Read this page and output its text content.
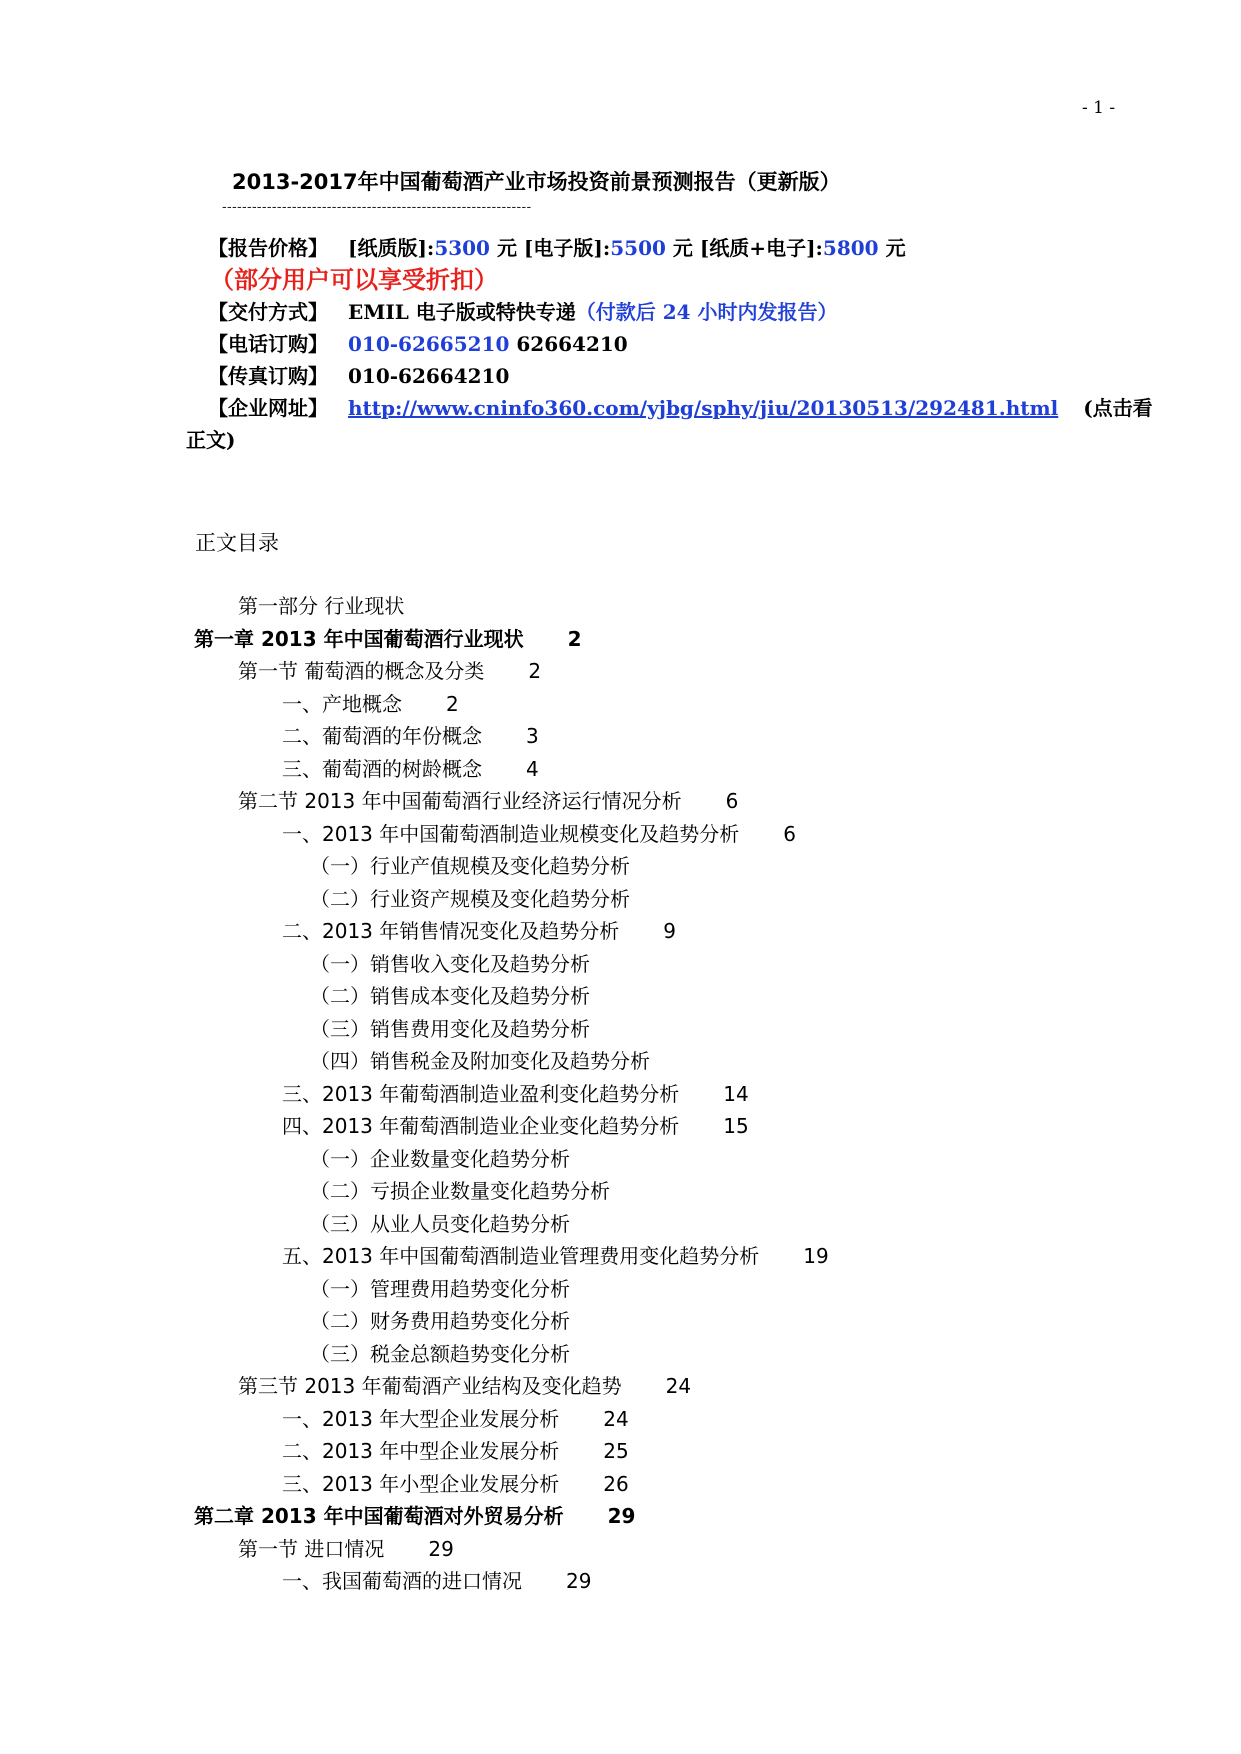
- 1 -
2013-2017年中国葡萄酒产业市场投资前景预测报告（更新版）
--------------------------------------------------------------
【报告价格】 [纸质版]:5300 元 [电子版]:5500 元 [纸质+电子]:5800 元
（部分用户可以享受折扣）
【交付方式】 EMIL 电子版或特快专递（付款后 24 小时内发报告）
【电话订购】 010-62665210 62664210
【传真订购】 010-62664210
【企业网址】 http://www.cninfo360.com/yjbg/sphy/jiu/20130513/292481.html (点击看
正文)
正文目录
第一部分 行业现状
第一章 2013 年中国葡萄酒行业现状 2
第一节 葡萄酒的概念及分类 2
一、产地概念 2
二、葡萄酒的年份概念 3
三、葡萄酒的树龄概念 4
第二节 2013 年中国葡萄酒行业经济运行情况分析 6
一、2013 年中国葡萄酒制造业规模变化及趋势分析 6
（一）行业产值规模及变化趋势分析
（二）行业资产规模及变化趋势分析
二、2013 年销售情况变化及趋势分析 9
（一）销售收入变化及趋势分析
（二）销售成本变化及趋势分析
（三）销售费用变化及趋势分析
（四）销售税金及附加变化及趋势分析
三、2013 年葡萄酒制造业盈利变化趋势分析 14
四、2013 年葡萄酒制造业企业变化趋势分析 15
（一）企业数量变化趋势分析
（二）亏损企业数量变化趋势分析
（三）从业人员变化趋势分析
五、2013 年中国葡萄酒制造业管理费用变化趋势分析 19
（一）管理费用趋势变化分析
（二）财务费用趋势变化分析
（三）税金总额趋势变化分析
第三节 2013 年葡萄酒产业结构及变化趋势 24
一、2013 年大型企业发展分析 24
二、2013 年中型企业发展分析 25
三、2013 年小型企业发展分析 26
第二章 2013 年中国葡萄酒对外贸易分析 29
第一节 进口情况 29
一、我国葡萄酒的进口情况 29
